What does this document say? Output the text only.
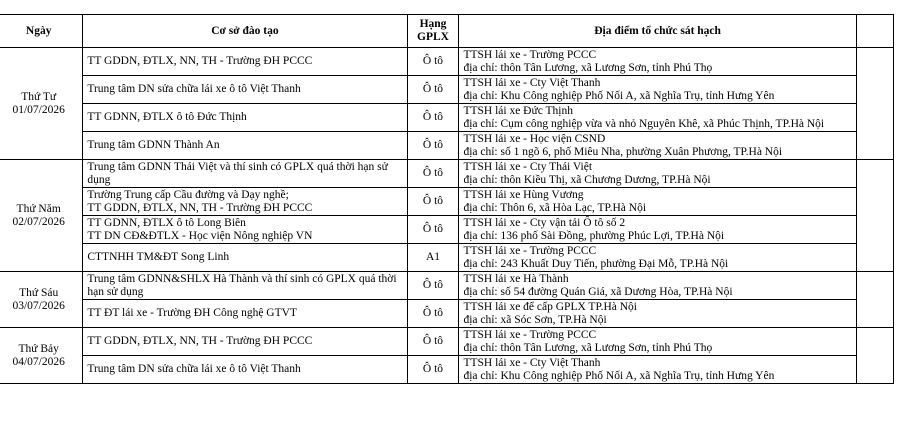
Ngày	Cơ sở đào tạo	Hạng GPLX	Địa điểm tổ chức sát hạch	
Thứ Tư
01/07/2026	TT GDDN, ĐTLX, NN, TH - Trường ĐH PCCC	Ô tô	TTSH lái xe - Trường PCCC
địa chỉ: thôn Tân Lương, xã Lương Sơn, tỉnh Phú Thọ	

	Trung tâm DN sửa chữa lái xe ô tô Việt Thanh	Ô tô	TTSH lái xe - Cty Việt Thanh
địa chỉ: Khu Công nghiệp Phố Nối A, xã Nghĩa Trụ, tỉnh Hưng Yên	

	TT GDNN, ĐTLX ô tô Đức Thịnh	Ô tô	TTSH lái xe Đức Thịnh
địa chỉ: Cụm công nghiệp vừa và nhỏ Nguyên Khê, xã Phúc Thịnh, TP.Hà Nội	

	Trung tâm GDNN Thành An	Ô tô	TTSH lái xe - Học viện CSND
địa chỉ: số 1 ngõ 6, phố Miêu Nha, phường Xuân Phương, TP.Hà Nội	

Thứ Năm
02/07/2026	Trung tâm GDNN Thái Việt và thí sinh có GPLX quá thời hạn sử dụng	Ô tô	TTSH lái xe - Cty Thái Việt
địa chỉ: thôn Kiều Thị, xã Chương Dương, TP.Hà Nội	

	Trường Trung cấp Cầu đường và Dạy nghề;
TT GDDN, ĐTLX, NN, TH - Trường ĐH PCCC	Ô tô	TTSH lái xe Hùng Vương
địa chỉ: Thôn 6, xã Hòa Lạc, TP.Hà Nội	

	TT GDNN, ĐTLX ô tô Long Biên
TT DN CĐ&ĐTLX - Học viện Nông nghiệp VN	Ô tô	TTSH lái xe - Cty vận tải Ô tô số 2
địa chỉ: 136 phố Sài Đồng, phường Phúc Lợi, TP.Hà Nội	

	CTTNHH TM&ĐT Song Linh	A1	TTSH lái xe - Trường PCCC
địa chỉ: 243 Khuất Duy Tiến, phường Đại Mỗ, TP.Hà Nội	

Thứ Sáu
03/07/2026	Trung tâm GDNN&SHLX Hà Thành và thí sinh có GPLX quá thời hạn sử dụng	Ô tô	TTSH lái xe Hà Thành
địa chỉ: số 54 đường Quán Giá, xã Dương Hòa, TP.Hà Nội	

	TT ĐT lái xe - Trường ĐH Công nghệ GTVT	Ô tô	TTSH lái xe để cấp GPLX TP.Hà Nội
địa chỉ: xã Sóc Sơn, TP.Hà Nội	

Thứ Bảy
04/07/2026	TT GDDN, ĐTLX, NN, TH - Trường ĐH PCCC	Ô tô	TTSH lái xe - Trường PCCC
địa chỉ: thôn Tân Lương, xã Lương Sơn, tỉnh Phú Thọ	

	Trung tâm DN sửa chữa lái xe ô tô Việt Thanh	Ô tô	TTSH lái xe - Cty Việt Thanh
địa chỉ: Khu Công nghiệp Phố Nối A, xã Nghĩa Trụ, tỉnh Hưng Yên	
